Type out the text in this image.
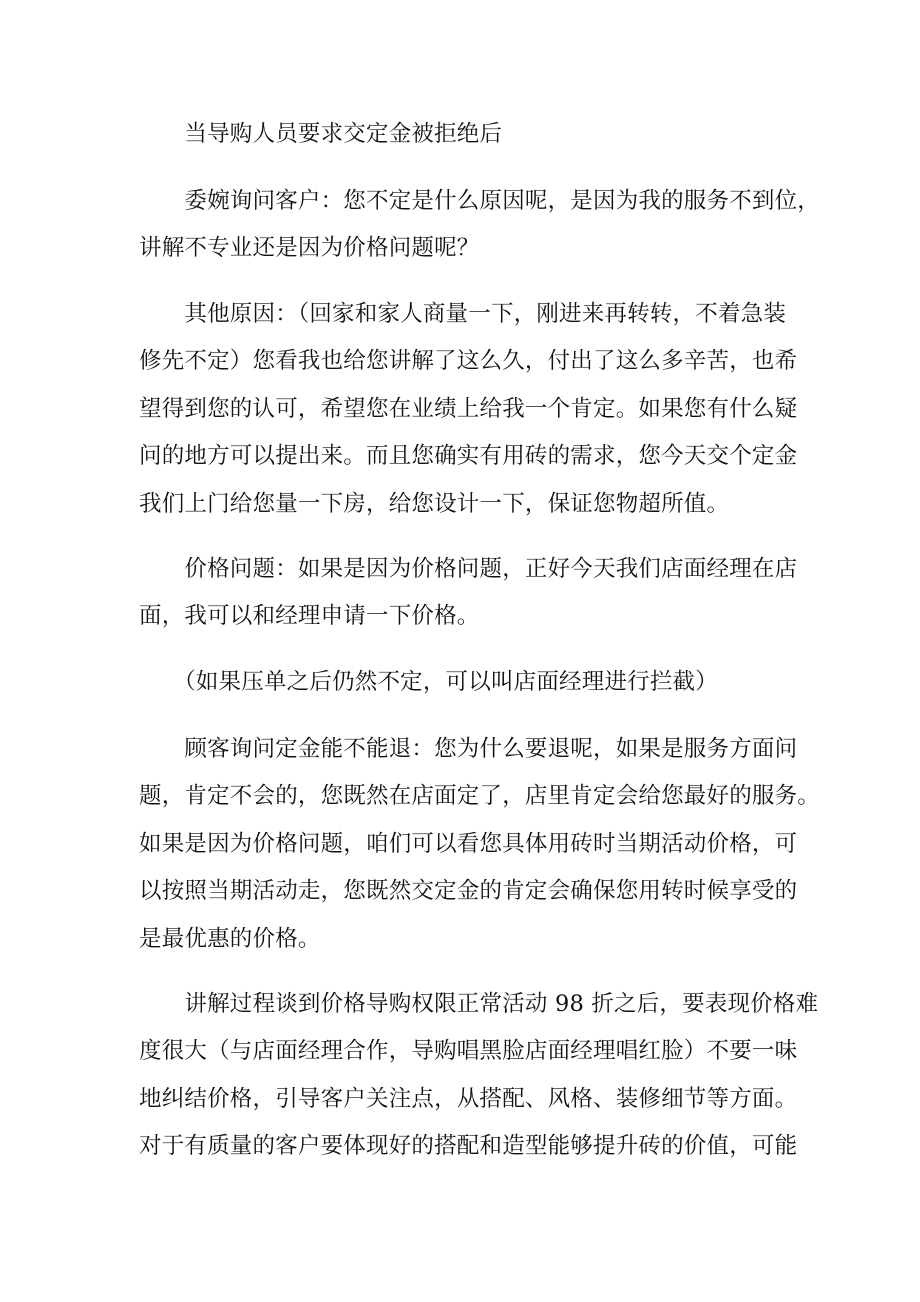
　　当导购人员要求交定金被拒绝后
　　委婉询问客户：您不定是什么原因呢，是因为我的服务不到位，
讲解不专业还是因为价格问题呢？
　　其他原因：（回家和家人商量一下，刚进来再转转，不着急装
修先不定）您看我也给您讲解了这么久，付出了这么多辛苦，也希
望得到您的认可，希望您在业绩上给我一个肯定。如果您有什么疑
问的地方可以提出来。而且您确实有用砖的需求，您今天交个定金
我们上门给您量一下房，给您设计一下，保证您物超所值。
　　价格问题：如果是因为价格问题，正好今天我们店面经理在店
面，我可以和经理申请一下价格。
　　（如果压单之后仍然不定，可以叫店面经理进行拦截）
　　顾客询问定金能不能退：您为什么要退呢，如果是服务方面问
题，肯定不会的，您既然在店面定了，店里肯定会给您最好的服务。
如果是因为价格问题，咱们可以看您具体用砖时当期活动价格，可
以按照当期活动走，您既然交定金的肯定会确保您用转时候享受的
是最优惠的价格。
　　讲解过程谈到价格导购权限正常活动 98 折之后，要表现价格难
度很大（与店面经理合作，导购唱黑脸店面经理唱红脸）不要一味
地纠结价格，引导客户关注点，从搭配、风格、装修细节等方面。
对于有质量的客户要体现好的搭配和造型能够提升砖的价值，可能
